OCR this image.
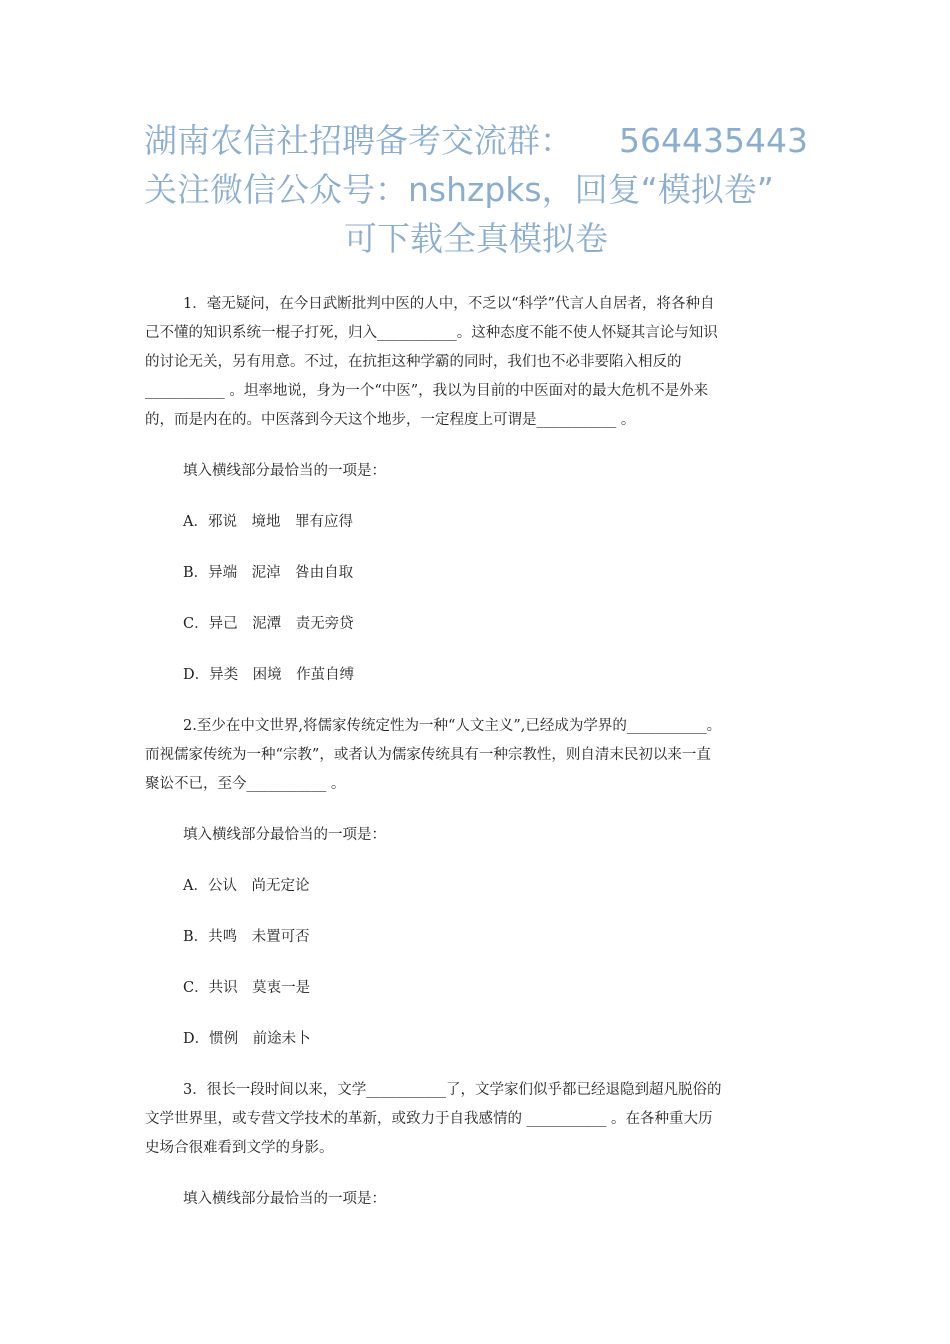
湖南农信社招聘备考交流群： 564435443
关注微信公众号：nshzpks，回复“模拟卷”
可下载全真模拟卷

1．毫无疑问，在今日武断批判中医的人中，不乏以“科学”代言人自居者，将各种自
己不懂的知识系统一棍子打死，归入___________。这种态度不能不使人怀疑其言论与知识
的讨论无关，另有用意。不过，在抗拒这种学霸的同时，我们也不必非要陷入相反的
___________ 。坦率地说，身为一个“中医”，我以为目前的中医面对的最大危机不是外来
的，而是内在的。中医落到今天这个地步，一定程度上可谓是___________ 。

填入横线部分最恰当的一项是：

A．邪说　境地　罪有应得

B．异端　泥淖　咎由自取

C．异己　泥潭　责无旁贷

D．异类　困境　作茧自缚

2.至少在中文世界,将儒家传统定性为一种“人文主义”,已经成为学界的___________。
而视儒家传统为一种“宗教”，或者认为儒家传统具有一种宗教性，则自清末民初以来一直
聚讼不已，至今___________ 。

填入横线部分最恰当的一项是：

A．公认　尚无定论

B．共鸣　未置可否

C．共识　莫衷一是

D．惯例　前途未卜

3．很长一段时间以来，文学___________了，文学家们似乎都已经退隐到超凡脱俗的
文学世界里，或专营文学技术的革新，或致力于自我感情的 ___________ 。在各种重大历
史场合很难看到文学的身影。

填入横线部分最恰当的一项是：
